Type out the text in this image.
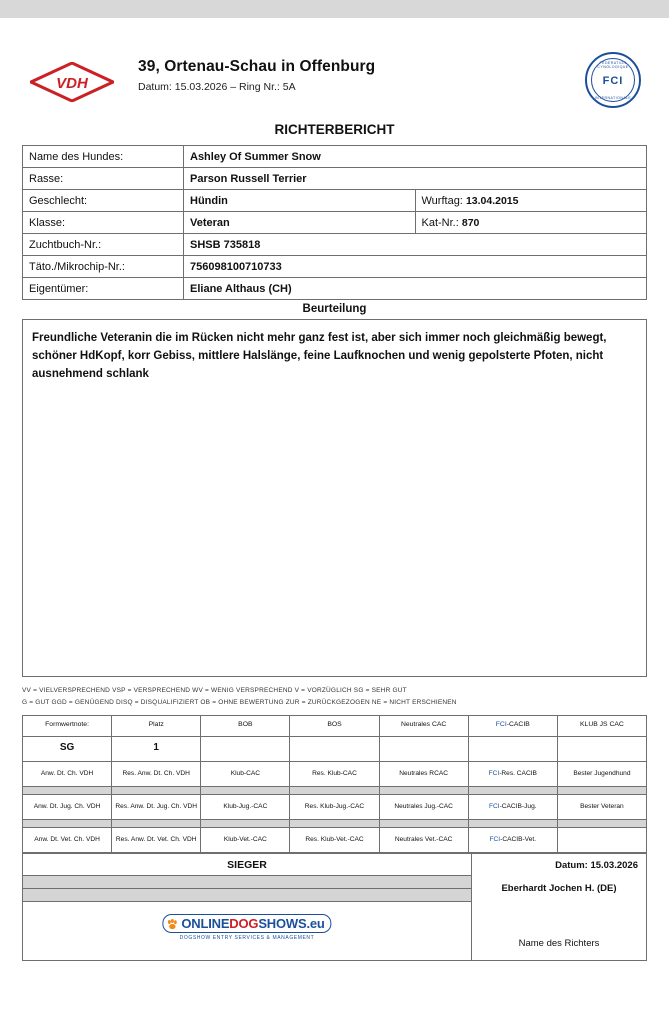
VDH
39, Ortenau-Schau in Offenburg
Datum: 15.03.2026 – Ring Nr.: 5A
FÉDÉRATION CYNOLOGIQUE
FCI
INTERNATIONALE
RICHTERBERICHT
Name des Hundes:	Ashley Of Summer Snow	
Rasse:	Parson Russell Terrier	
Geschlecht:	Hündin	Wurftag: 13.04.2015
Klasse:	Veteran	Kat-Nr.: 870
Zuchtbuch-Nr.:	SHSB 735818	
Täto./Mikrochip-Nr.:	756098100710733	
Eigentümer:	Eliane Althaus (CH)	
Beurteilung

Freundliche Veteranin die im Rücken nicht mehr ganz fest ist, aber sich immer noch gleichmäßig bewegt, schöner HdKopf, korr Gebiss, mittlere Halslänge, feine Laufknochen und wenig gepolsterte Pfoten, nicht ausnehmend schlank

VV = VIELVERSPRECHEND VSP = VERSPRECHEND WV = WENIG VERSPRECHEND V = VORZÜGLICH SG = SEHR GUT
G = GUT GGD = GENÜGEND DISQ = DISQUALIFIZIERT OB = OHNE BEWERTUNG ZUR = ZURÜCKGEZOGEN NE = NICHT ERSCHIENEN
Formwertnote:	Platz	BOB	BOS	Neutrales CAC	FCI-CACIB	KLUB JS CAC
SG	1					
Anw. Dt. Ch. VDH	Res. Anw. Dt. Ch. VDH	Klub-CAC	Res. Klub-CAC	Neutrales RCAC	FCI-Res. CACIB	Bester Jugendhund

Anw. Dt. Jug. Ch. VDH	Res. Anw. Dt. Jug. Ch. VDH	Klub-Jug.-CAC	Res. Klub-Jug.-CAC	Neutrales Jug.-CAC	FCI-CACIB-Jug.	Bester Veteran

Anw. Dt. Vet. Ch. VDH	Res. Anw. Dt. Vet. Ch. VDH	Klub-Vet.-CAC	Res. Klub-Vet.-CAC	Neutrales Vet.-CAC	FCI-CACIB-Vet.	
SIEGER
ONLINEDOGSHOWS.eu
DOGSHOW ENTRY SERVICES & MANAGEMENT

Datum: 15.03.2026
Eberhardt Jochen H. (DE)
Name des Richters
